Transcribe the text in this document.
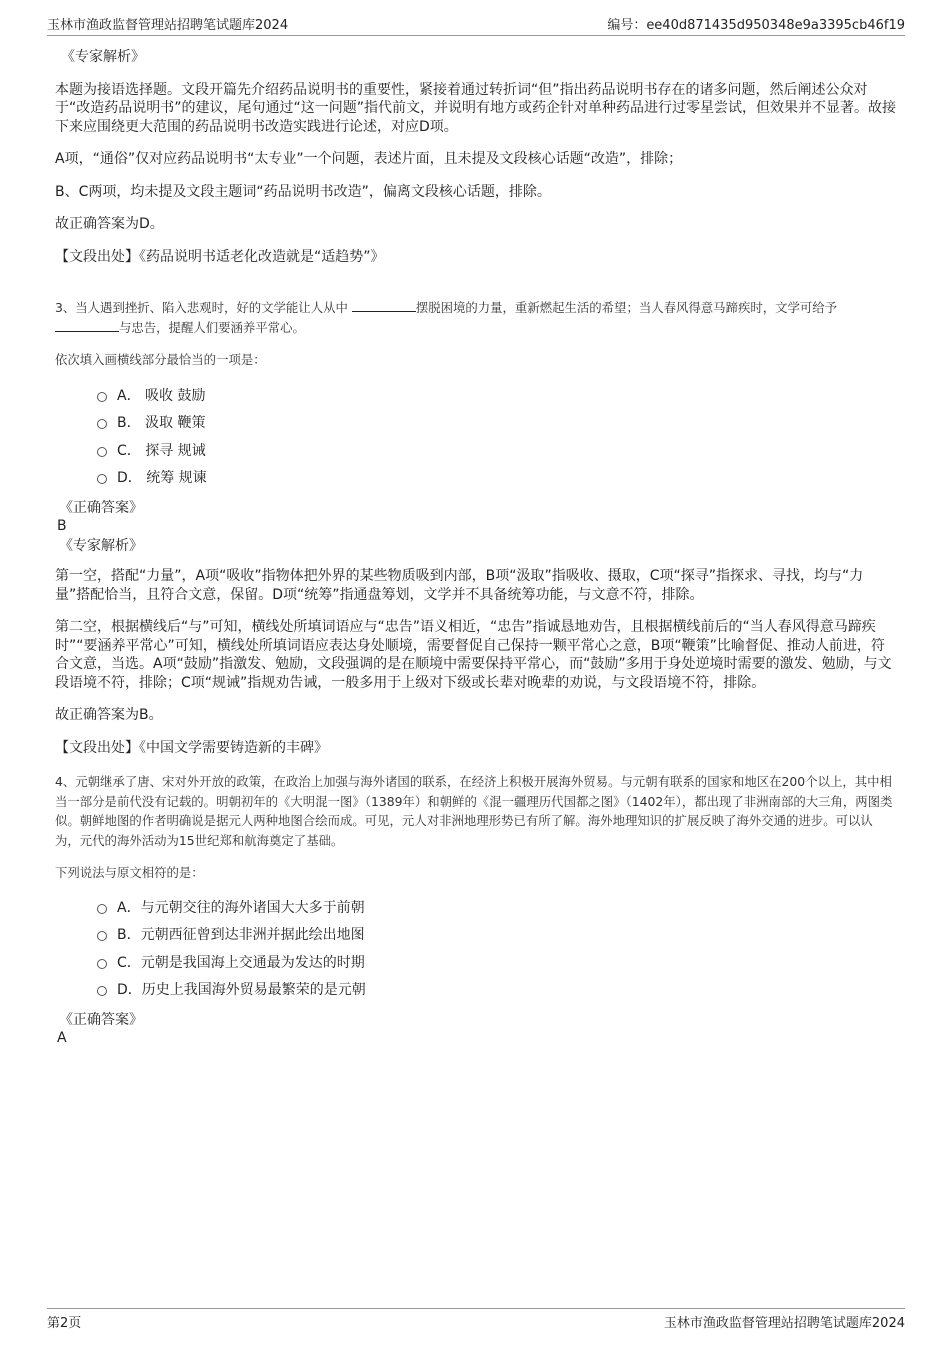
玉林市渔政监督管理站招聘笔试题库2024	编号：ee40d871435d950348e9a3395cb46f19

《专家解析》

本题为接语选择题。文段开篇先介绍药品说明书的重要性，紧接着通过转折词“但”指出药品说明书存在的诸多问题，然后阐述公众对于“改造药品说明书”的建议，尾句通过“这一问题”指代前文，并说明有地方或药企针对单种药品进行过零星尝试，但效果并不显著。故接下来应围绕更大范围的药品说明书改造实践进行论述，对应D项。

A项，“通俗”仅对应药品说明书“太专业”一个问题，表述片面，且未提及文段核心话题“改造”，排除；

B、C两项，均未提及文段主题词“药品说明书改造”，偏离文段核心话题，排除。

故正确答案为D。

【文段出处】《药品说明书适老化改造就是“适趋势”》

3、当人遇到挫折、陷入悲观时，好的文学能让人从中	摆脱困境的力量，重新燃起生活的希望；当人春风得意马蹄疾时，文学可给予与忠告，提醒人们要涵养平常心。

依次填入画横线部分最恰当的一项是：

A． 吸收 鼓励
B． 汲取 鞭策
C． 探寻 规诫
D． 统筹 规谏

《正确答案》

B

《专家解析》

第一空，搭配“力量”，A项“吸收”指物体把外界的某些物质吸到内部，B项“汲取”指吸收、摄取，C项“探寻”指探求、寻找，均与“力量”搭配恰当，且符合文意，保留。D项“统筹”指通盘筹划，文学并不具备统筹功能，与文意不符，排除。

第二空，根据横线后“与”可知，横线处所填词语应与“忠告”语义相近，“忠告”指诚恳地劝告，且根据横线前后的“当人春风得意马蹄疾时”“要涵养平常心”可知，横线处所填词语应表达身处顺境，需要督促自己保持一颗平常心之意，B项“鞭策”比喻督促、推动人前进，符合文意，当选。A项“鼓励”指激发、勉励，文段强调的是在顺境中需要保持平常心，而“鼓励”多用于身处逆境时需要的激发、勉励，与文段语境不符，排除；C项“规诫”指规劝告诫，一般多用于上级对下级或长辈对晚辈的劝说，与文段语境不符，排除。

故正确答案为B。

【文段出处】《中国文学需要铸造新的丰碑》

4、元朝继承了唐、宋对外开放的政策，在政治上加强与海外诸国的联系，在经济上积极开展海外贸易。与元朝有联系的国家和地区在200个以上，其中相当一部分是前代没有记载的。明朝初年的《大明混一图》（1389年）和朝鲜的《混一疆理历代国都之图》（1402年），都出现了非洲南部的大三角，两图类似。朝鲜地图的作者明确说是据元人两种地图合绘而成。可见，元人对非洲地理形势已有所了解。海外地理知识的扩展反映了海外交通的进步。可以认为，元代的海外活动为15世纪郑和航海奠定了基础。

下列说法与原文相符的是：

A．与元朝交往的海外诸国大大多于前朝
B．元朝西征曾到达非洲并据此绘出地图
C．元朝是我国海上交通最为发达的时期
D．历史上我国海外贸易最繁荣的是元朝

《正确答案》

A

第2页	玉林市渔政监督管理站招聘笔试题库2024
